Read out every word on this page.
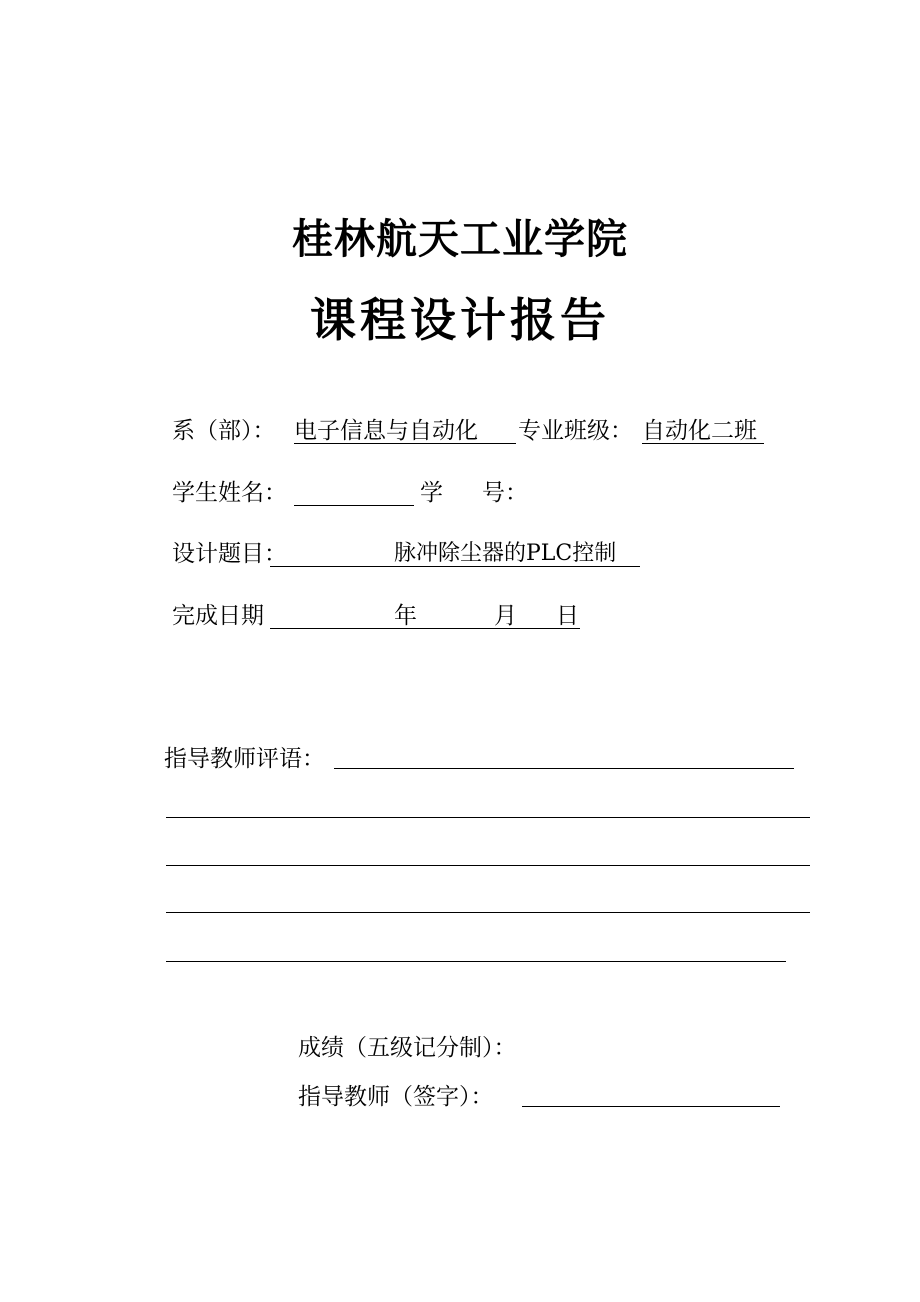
桂林航天工业学院
课程设计报告
系（部）： 电子信息与自动化 专业班级： 自动化二班
学生姓名：	学 号：
设计题目：	脉冲除尘器的PLC控制
完成日期	年	月 日
指导教师评语：
成绩（五级记分制）：
指导教师（签字）：
